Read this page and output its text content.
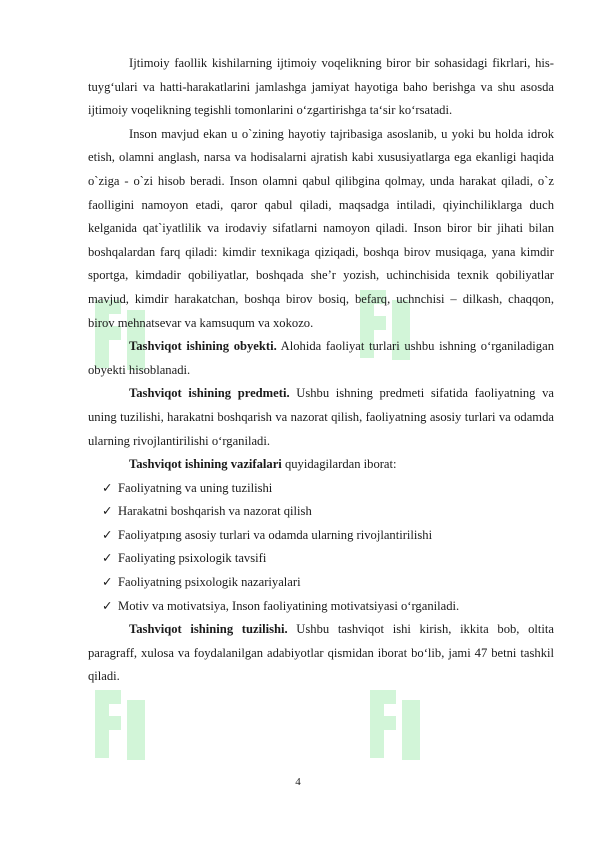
Ijtimoiy faollik kishilarning ijtimoiy voqelikning biror bir sohasidagi fikrlari, his-tuyg‘ulari va hatti-harakatlarini jamlashga jamiyat hayotiga baho berishga va shu asosda ijtimoiy voqelikning tegishli tomonlarini o‘zgartirishga ta‘sir ko‘rsatadi.

Inson mavjud ekan u o`zining hayotiy tajribasiga asoslanib, u yoki bu holda idrok etish, olamni anglash, narsa va hodisalarni ajratish kabi xususiyatlarga ega ekanligi haqida o`ziga - o`zi hisob beradi. Inson olamni qabul qilibgina qolmay, unda harakat qiladi, o`z faolligini namoyon etadi, qaror qabul qiladi, maqsadga intiladi, qiyinchiliklarga duch kelganida qat`iyatlilik va irodaviy sifatlarni namoyon qiladi. Inson biror bir jihati bilan boshqalardan farq qiladi: kimdir texnikaga qiziqadi, boshqa birov musiqaga, yana kimdir sportga, kimdadir qobiliyatlar, boshqada she’r yozish, uchinchisida texnik qobiliyatlar mavjud, kimdir harakatchan, boshqa birov bosiq, befarq, uchnchisi – dilkash, chaqqon, birov mehnatsevar va kamsuqum va xokozo.

Tashviqot ishining obyekti. Alohida faoliyat turlari ushbu ishning o‘rganiladigan obyekti hisoblanadi.

Tashviqot ishining predmeti. Ushbu ishning predmeti sifatida faoliyatning va uning tuzilishi, harakatni boshqarish va nazorat qilish, faoliyatning asosiy turlari va odamda ularning rivojlantirilishi o‘rganiladi.

Tashviqot ishining vazifalari quyidagilardan iborat:

✓ Faoliyatning va uning tuzilishi
✓ Harakatni boshqarish va nazorat qilish
✓ Faoliyatpıng asosiy turlari va odamda ularning rivojlantirilishi
✓ Faoliyating psixologik tavsifi
✓ Faoliyatning psixologik nazariyalari
✓ Motiv va motivatsiya, Inson faoliyatining motivatsiyasi o‘rganiladi.

Tashviqot ishining tuzilishi. Ushbu tashviqot ishi kirish, ikkita bob, oltita paragraff, xulosa va foydalanilgan adabiyotlar qismidan iborat bo‘lib, jami 47 betni tashkil qiladi.

4
